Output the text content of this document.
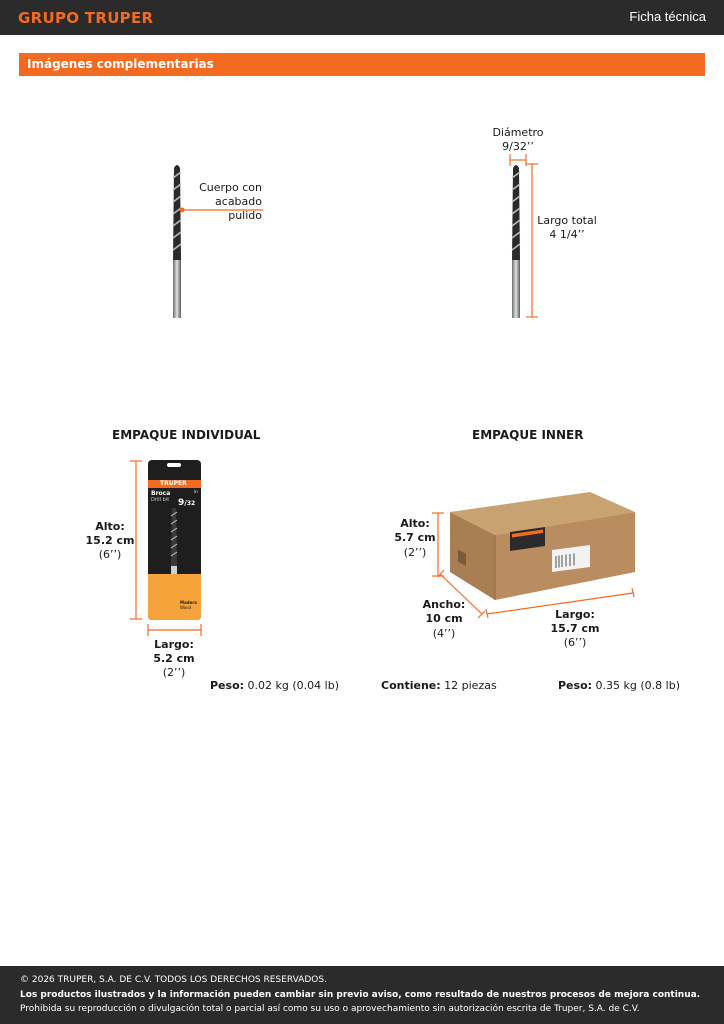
GRUPO TRUPER	Ficha técnica
Imágenes complementarias
Cuerpo con
acabado pulido
Diámetro
9/32’’
Largo total
4 1/4’’
EMPAQUE INDIVIDUAL
TRUPER
Broca
Drill bit 9/32
in
Madera
Wood
Alto:
15.2 cm
(6’’)
Largo:
5.2 cm
(2’’)
Peso: 0.02 kg (0.04 lb)
EMPAQUE INNER
Alto:
5.7 cm
(2’’)
Ancho:
10 cm
(4’’)
Largo:
15.7 cm
(6’’)
Contiene: 12 piezas	Peso: 0.35 kg (0.8 lb)
© 2026 TRUPER, S.A. DE C.V. TODOS LOS DERECHOS RESERVADOS.
Los productos ilustrados y la información pueden cambiar sin previo aviso, como resultado de nuestros procesos de mejora continua.
Prohibida su reproducción o divulgación total o parcial así como su uso o aprovechamiento sin autorización escrita de Truper, S.A. de C.V.
